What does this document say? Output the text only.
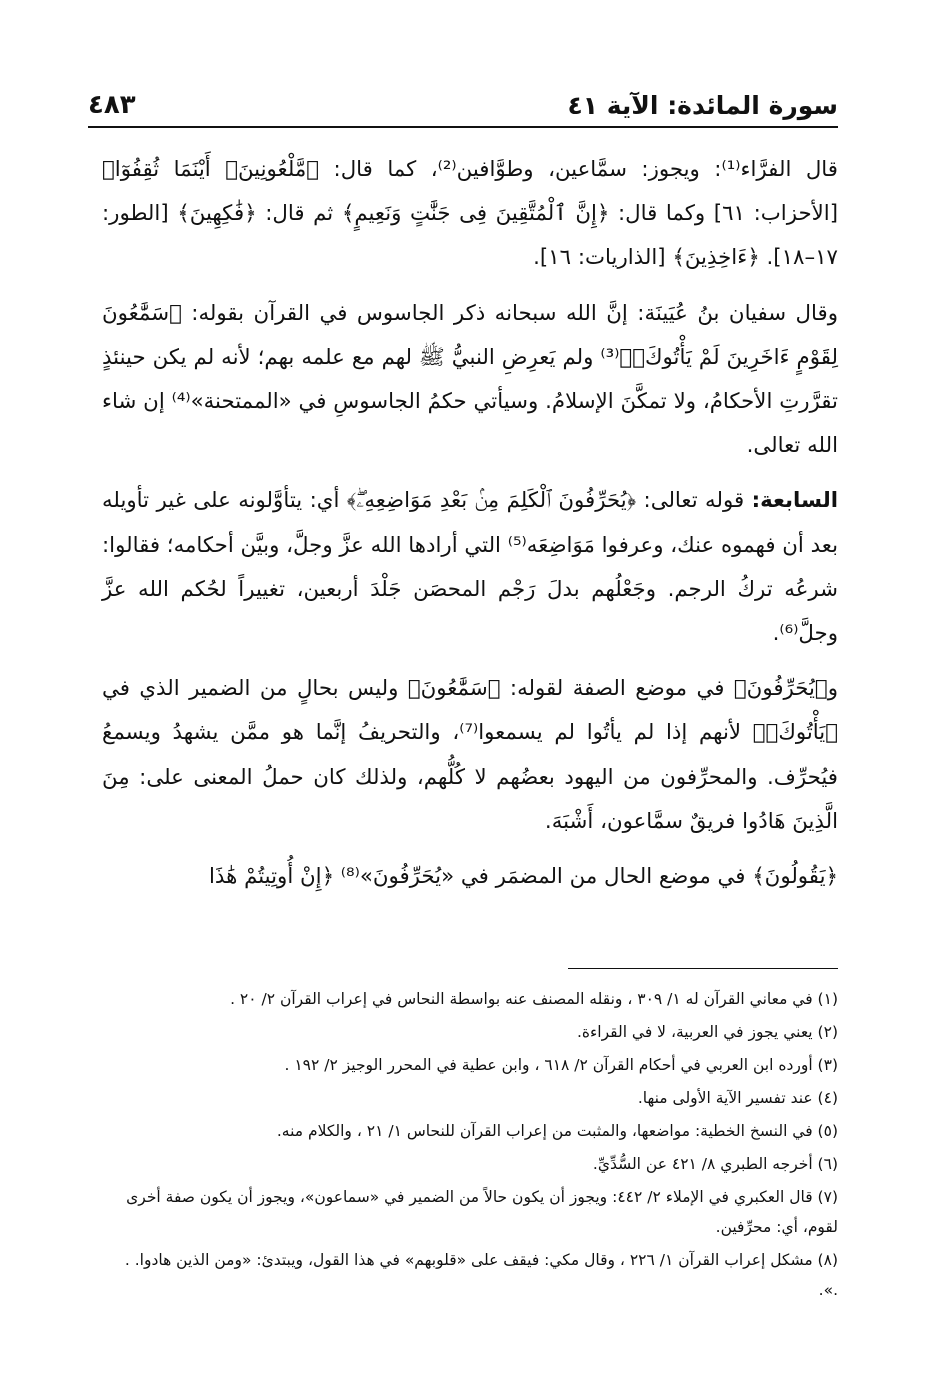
سورة المائدة: الآية ٤١
٤٨٣

قال الفرَّاء⁽¹⁾: ويجوز: سمَّاعين، وطوَّافين⁽²⁾، كما قال: ﴿مَّلْعُونِينَۖ أَيْنَمَا ثُقِفُوٓا﴾ [الأحزاب: ٦١] وكما قال: ﴿إِنَّ ٱلْمُتَّقِينَ فِى جَنَّٰتٍ وَنَعِيمٍ﴾ ثم قال: ﴿فَٰكِهِينَ﴾ [الطور: ١٧–١٨]. ﴿ءَاخِذِينَ﴾ [الذاريات: ١٦].

وقال سفيان بنُ عُيَينَة: إنَّ الله سبحانه ذكر الجاسوس في القرآن بقوله: ﴿سَمَّٰعُونَ لِقَوْمٍ ءَاخَرِينَ لَمْ يَأْتُوكَۖ﴾⁽³⁾ ولم يَعرِضِ النبيُّ ﷺ لهم مع علمه بهم؛ لأنه لم يكن حينئذٍ تقرَّرتِ الأحكامُ، ولا تمكَّنَ الإسلامُ. وسيأتي حكمُ الجاسوسِ في «الممتحنة»⁽⁴⁾ إن شاء الله تعالى.

السابعة: قوله تعالى: ﴿يُحَرِّفُونَ ٱلْكَلِمَ مِنۢ بَعْدِ مَوَاضِعِهِۦۖ﴾ أي: يتأوَّلونه على غير تأويله بعد أن فهموه عنك، وعرفوا مَوَاضِعَه⁽⁵⁾ التي أرادها الله عزَّ وجلَّ، وبيَّن أحكامه؛ فقالوا: شرعُه تركُ الرجم. وجَعْلُهم بدلَ رَجْم المحصَن جَلْدَ أربعين، تغييراً لحُكم الله عزَّ وجلَّ⁽⁶⁾.

و﴿يُحَرِّفُونَ﴾ في موضع الصفة لقوله: ﴿سَمَّٰعُونَ﴾ وليس بحالٍ من الضمير الذي في ﴿يَأْتُوكَۖ﴾ لأنهم إذا لم يأتُوا لم يسمعوا⁽⁷⁾، والتحريفُ إنَّما هو ممَّن يشهدُ ويسمعُ فيُحرِّف. والمحرِّفون من اليهود بعضُهم لا كُلُّهم، ولذلك كان حملُ المعنى على: مِنَ الَّذِينَ هَادُوا فريقٌ سمَّاعون، أَشْبَهَ.

﴿يَقُولُونَ﴾ في موضع الحال من المضمَر في «يُحَرِّفُونَ»⁽⁸⁾ ﴿إِنْ أُوتِيتُمْ هَٰذَا

(١) في معاني القرآن له ١/ ٣٠٩ ، ونقله المصنف عنه بواسطة النحاس في إعراب القرآن ٢/ ٢٠ .
(٢) يعني يجوز في العربية، لا في القراءة.
(٣) أورده ابن العربي في أحكام القرآن ٢/ ٦١٨ ، وابن عطية في المحرر الوجيز ٢/ ١٩٢ .
(٤) عند تفسير الآية الأولى منها.
(٥) في النسخ الخطية: مواضعها، والمثبت من إعراب القرآن للنحاس ١/ ٢١ ، والكلام منه.
(٦) أخرجه الطبري ٨/ ٤٢١ عن السُّدِّيِّ.
(٧) قال العكبري في الإملاء ٢/ ٤٤٢: ويجوز أن يكون حالاً من الضمير في «سماعون»، ويجوز أن يكون صفة أخرى لقوم، أي: محرِّفين.
(٨) مشكل إعراب القرآن ١/ ٢٢٦ ، وقال مكي: فيقف على «قلوبهم» في هذا القول، ويبتدئ: «ومن الذين هادوا. . .».
